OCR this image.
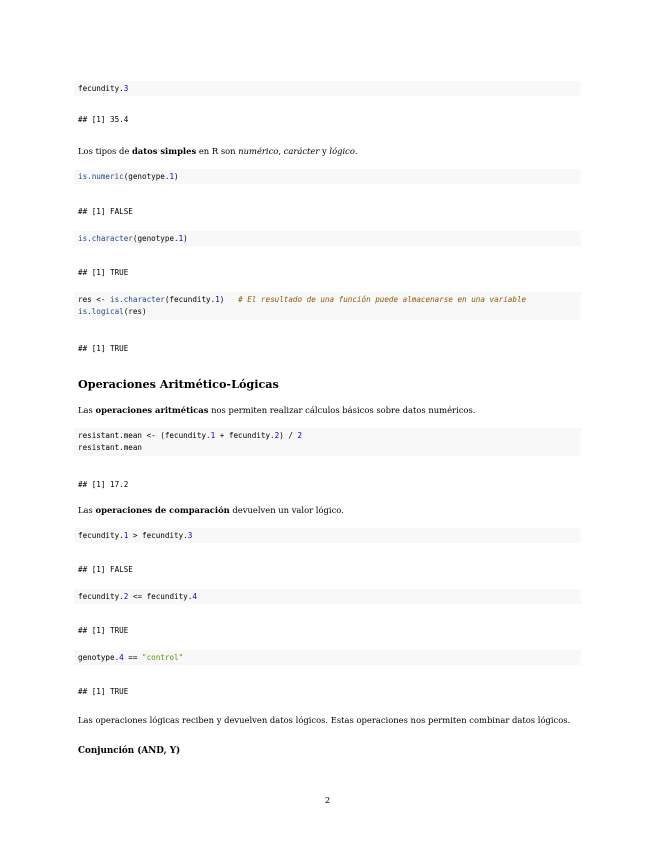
fecundity.3
## [1] 35.4
Los tipos de datos simples en R son numérico, carácter y lógico.
is.numeric(genotype.1)
## [1] FALSE
is.character(genotype.1)
## [1] TRUE
res <- is.character(fecundity.1)   # El resultado de una función puede almacenarse en una variable
is.logical(res)
## [1] TRUE
Operaciones Aritmético-Lógicas
Las operaciones aritméticas nos permiten realizar cálculos básicos sobre datos numéricos.
resistant.mean <- (fecundity.1 + fecundity.2) / 2
resistant.mean
## [1] 17.2
Las operaciones de comparación devuelven un valor lógico.
fecundity.1 > fecundity.3
## [1] FALSE
fecundity.2 <= fecundity.4
## [1] TRUE
genotype.4 == "control"
## [1] TRUE
Las operaciones lógicas reciben y devuelven datos lógicos. Estas operaciones nos permiten combinar datos lógicos.
Conjunción (AND, Y)
2
